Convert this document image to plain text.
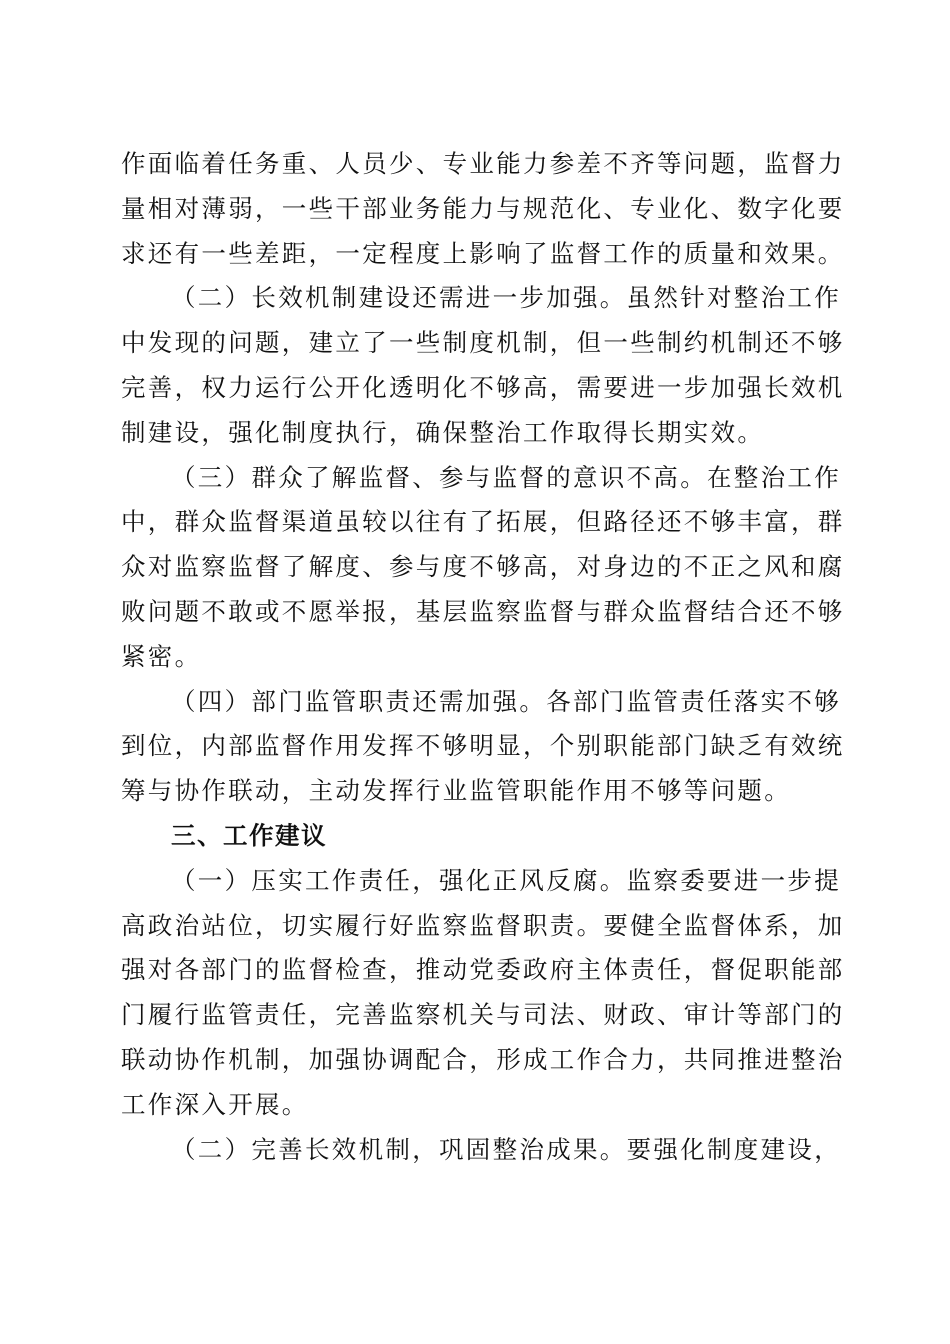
作面临着任务重、人员少、专业能力参差不齐等问题，监督力
量相对薄弱，一些干部业务能力与规范化、专业化、数字化要
求还有一些差距，一定程度上影响了监督工作的质量和效果。
（二）长效机制建设还需进一步加强。虽然针对整治工作
中发现的问题，建立了一些制度机制，但一些制约机制还不够
完善，权力运行公开化透明化不够高，需要进一步加强长效机
制建设，强化制度执行，确保整治工作取得长期实效。
（三）群众了解监督、参与监督的意识不高。在整治工作
中，群众监督渠道虽较以往有了拓展，但路径还不够丰富，群
众对监察监督了解度、参与度不够高，对身边的不正之风和腐
败问题不敢或不愿举报，基层监察监督与群众监督结合还不够
紧密。
（四）部门监管职责还需加强。各部门监管责任落实不够
到位，内部监督作用发挥不够明显，个别职能部门缺乏有效统
筹与协作联动，主动发挥行业监管职能作用不够等问题。
三、工作建议
（一）压实工作责任，强化正风反腐。监察委要进一步提
高政治站位，切实履行好监察监督职责。要健全监督体系，加
强对各部门的监督检查，推动党委政府主体责任，督促职能部
门履行监管责任，完善监察机关与司法、财政、审计等部门的
联动协作机制，加强协调配合，形成工作合力，共同推进整治
工作深入开展。
（二）完善长效机制，巩固整治成果。要强化制度建设，
